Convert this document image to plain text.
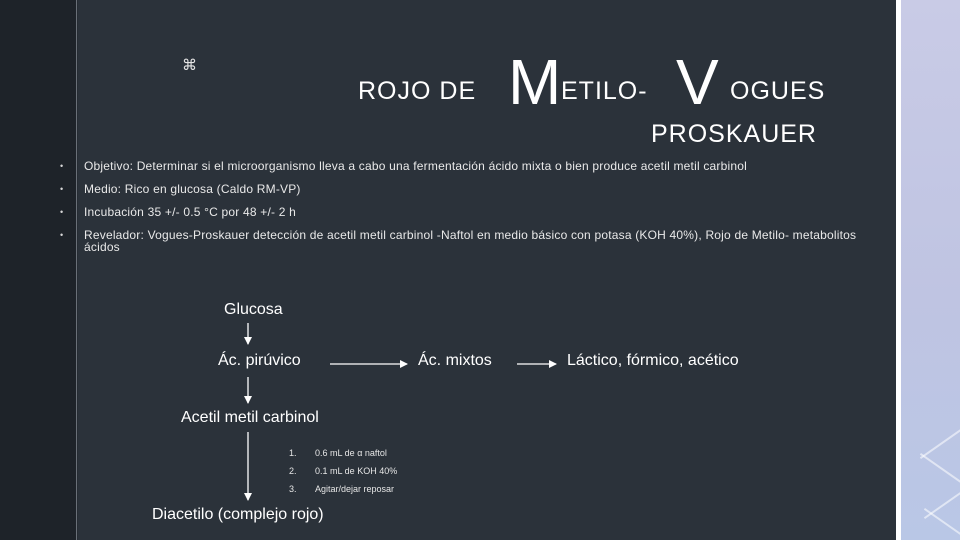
⌘
ROJO DE M ETILO- V OGUES
PROSKAUER
•	Objetivo: Determinar si el microorganismo lleva a cabo una fermentación ácido mixta o bien produce acetil metil carbinol
•	Medio: Rico en glucosa (Caldo RM-VP)
•	Incubación 35 +/- 0.5 °C por 48 +/- 2 h
•	Revelador: Vogues-Proskauer detección de acetil metil carbinol -Naftol en medio básico con potasa (KOH 40%), Rojo de Metilo- metabolitos ácidos
Glucosa
Ác. pirúvico	Ác. mixtos	Láctico, fórmico, acético
Acetil metil carbinol
Diacetilo (complejo rojo)
1. 0.6 mL de α naftol
2. 0.1 mL de KOH 40%
3. Agitar/dejar reposar
